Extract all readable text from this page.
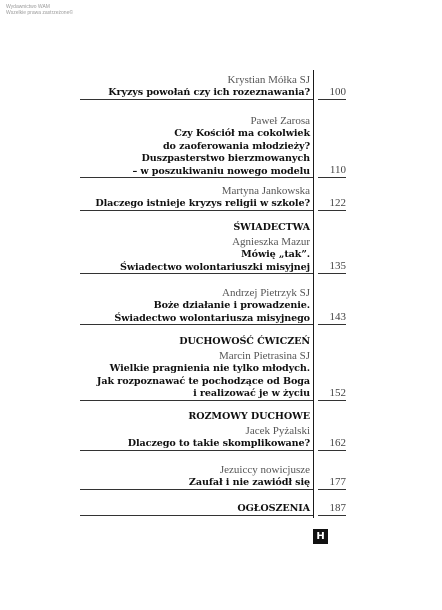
Wydawnictwo WAM
Wszelkie prawa zastrzeżone©
Krystian Mółka SJ
Kryzys powołań czy ich rozeznawania?	100
Paweł Zarosa
Czy Kościół ma cokolwiek
do zaoferowania młodzieży?
Duszpasterstwo bierzmowanych
– w poszukiwaniu nowego modelu	110
Martyna Jankowska
Dlaczego istnieje kryzys religii w szkole?	122
ŚWIADECTWA
Agnieszka Mazur
Mówię „tak”.
Świadectwo wolontariuszki misyjnej	135
Andrzej Pietrzyk SJ
Boże działanie i prowadzenie.
Świadectwo wolontariusza misyjnego	143
DUCHOWOŚĆ ĆWICZEŃ
Marcin Pietrasina SJ
Wielkie pragnienia nie tylko młodych.
Jak rozpoznawać te pochodzące od Boga
i realizować je w życiu	152
ROZMOWY DUCHOWE
Jacek Pyżalski
Dlaczego to takie skomplikowane?	162
Jezuiccy nowicjusze
Zaufał i nie zawiódł się	177
OGŁOSZENIA	187
H
